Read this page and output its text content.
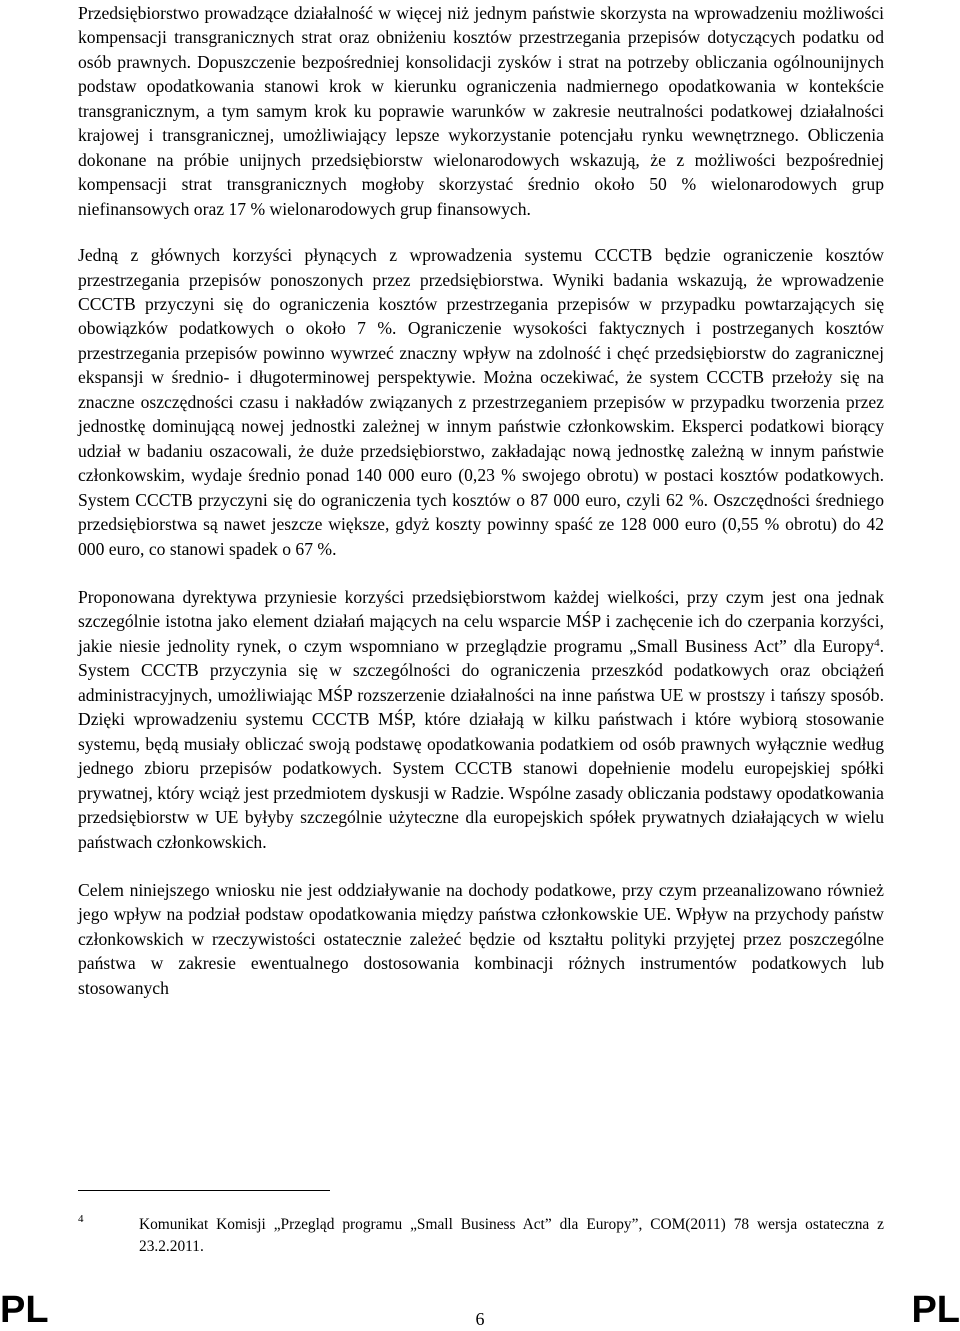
Przedsiębiorstwo prowadzące działalność w więcej niż jednym państwie skorzysta na wprowadzeniu możliwości kompensacji transgranicznych strat oraz obniżeniu kosztów przestrzegania przepisów dotyczących podatku od osób prawnych. Dopuszczenie bezpośredniej konsolidacji zysków i strat na potrzeby obliczania ogólnounijnych podstaw opodatkowania stanowi krok w kierunku ograniczenia nadmiernego opodatkowania w kontekście transgranicznym, a tym samym krok ku poprawie warunków w zakresie neutralności podatkowej działalności krajowej i transgranicznej, umożliwiający lepsze wykorzystanie potencjału rynku wewnętrznego. Obliczenia dokonane na próbie unijnych przedsiębiorstw wielonarodowych wskazują, że z możliwości bezpośredniej kompensacji strat transgranicznych mogłoby skorzystać średnio około 50 % wielonarodowych grup niefinansowych oraz 17 % wielonarodowych grup finansowych.

Jedną z głównych korzyści płynących z wprowadzenia systemu CCCTB będzie ograniczenie kosztów przestrzegania przepisów ponoszonych przez przedsiębiorstwa. Wyniki badania wskazują, że wprowadzenie CCCTB przyczyni się do ograniczenia kosztów przestrzegania przepisów w przypadku powtarzających się obowiązków podatkowych o około 7 %. Ograniczenie wysokości faktycznych i postrzeganych kosztów przestrzegania przepisów powinno wywrzeć znaczny wpływ na zdolność i chęć przedsiębiorstw do zagranicznej ekspansji w średnio- i długoterminowej perspektywie. Można oczekiwać, że system CCCTB przełoży się na znaczne oszczędności czasu i nakładów związanych z przestrzeganiem przepisów w przypadku tworzenia przez jednostkę dominującą nowej jednostki zależnej w innym państwie członkowskim. Eksperci podatkowi biorący udział w badaniu oszacowali, że duże przedsiębiorstwo, zakładając nową jednostkę zależną w innym państwie członkowskim, wydaje średnio ponad 140 000 euro (0,23 % swojego obrotu) w postaci kosztów podatkowych. System CCCTB przyczyni się do ograniczenia tych kosztów o 87 000 euro, czyli 62 %. Oszczędności średniego przedsiębiorstwa są nawet jeszcze większe, gdyż koszty powinny spaść ze 128 000 euro (0,55 % obrotu) do 42 000 euro, co stanowi spadek o 67 %.

Proponowana dyrektywa przyniesie korzyści przedsiębiorstwom każdej wielkości, przy czym jest ona jednak szczególnie istotna jako element działań mających na celu wsparcie MŚP i zachęcenie ich do czerpania korzyści, jakie niesie jednolity rynek, o czym wspomniano w przeglądzie programu „Small Business Act” dla Europy$^4$. System CCCTB przyczynia się w szczególności do ograniczenia przeszkód podatkowych oraz obciążeń administracyjnych, umożliwiając MŚP rozszerzenie działalności na inne państwa UE w prostszy i tańszy sposób. Dzięki wprowadzeniu systemu CCCTB MŚP, które działają w kilku państwach i które wybiorą stosowanie systemu, będą musiały obliczać swoją podstawę opodatkowania podatkiem od osób prawnych wyłącznie według jednego zbioru przepisów podatkowych. System CCCTB stanowi dopełnienie modelu europejskiej spółki prywatnej, który wciąż jest przedmiotem dyskusji w Radzie. Wspólne zasady obliczania podstawy opodatkowania przedsiębiorstw w UE byłyby szczególnie użyteczne dla europejskich spółek prywatnych działających w wielu państwach członkowskich.

Celem niniejszego wniosku nie jest oddziaływanie na dochody podatkowe, przy czym przeanalizowano również jego wpływ na podział podstaw opodatkowania między państwa członkowskie UE. Wpływ na przychody państw członkowskich w rzeczywistości ostatecznie zależeć będzie od kształtu polityki przyjętej przez poszczególne państwa w zakresie ewentualnego dostosowania kombinacji różnych instrumentów podatkowych lub stosowanych

4	Komunikat Komisji „Przegląd programu „Small Business Act” dla Europy”, COM(2011) 78 wersja ostateczna z 23.2.2011.
PL	6	PL
